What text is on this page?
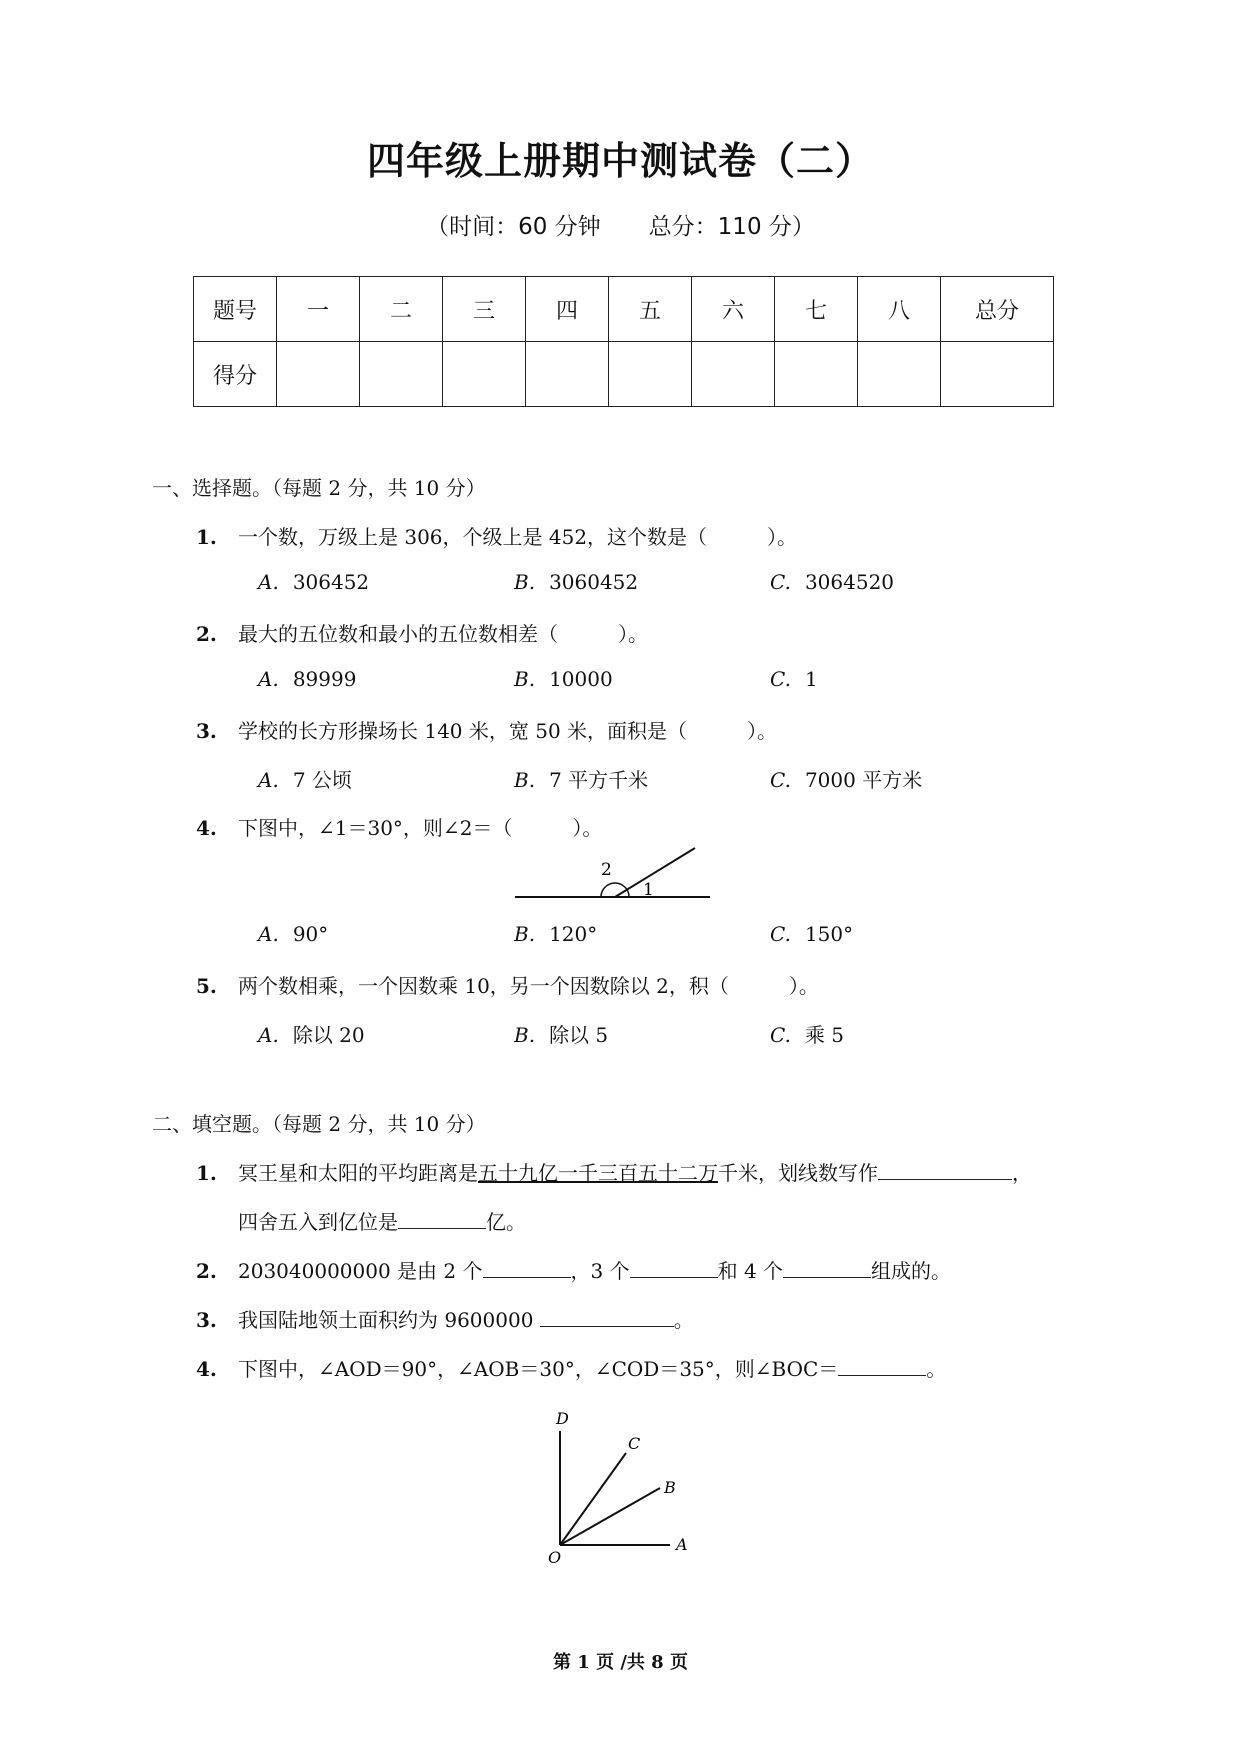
四年级上册期中测试卷（二）
（时间：60 分钟 总分：110 分）
题号	一	二	三	四	五	六	七	八	总分
得分									
一、选择题。（每题 2 分，共 10 分）
1. 一个数，万级上是 306，个级上是 452，这个数是（　　　）。
A. 306452	B. 3060452	C. 3064520
2. 最大的五位数和最小的五位数相差（　　　）。
A. 89999	B. 10000	C. 1
3. 学校的长方形操场长 140 米，宽 50 米，面积是（　　　）。
A. 7 公顷	B. 7 平方千米	C. 7000 平方米
4. 下图中，∠1＝30°，则∠2＝（　　　）。
2
1
A. 90°	B. 120°	C. 150°
5. 两个数相乘，一个因数乘 10，另一个因数除以 2，积（　　　）。
A. 除以 20	B. 除以 5	C. 乘 5
二、填空题。（每题 2 分，共 10 分）
1. 冥王星和太阳的平均距离是五十九亿一千三百五十二万千米，划线数写作	，
四舍五入到亿位是	亿。
2. 203040000000 是由 2 个	，3 个	和 4 个	组成的。
3. 我国陆地领土面积约为 9600000	。
4. 下图中，∠AOD＝90°，∠AOB＝30°，∠COD＝35°，则∠BOC＝	。
D
C
B
A
O
第 1 页 /共 8 页
